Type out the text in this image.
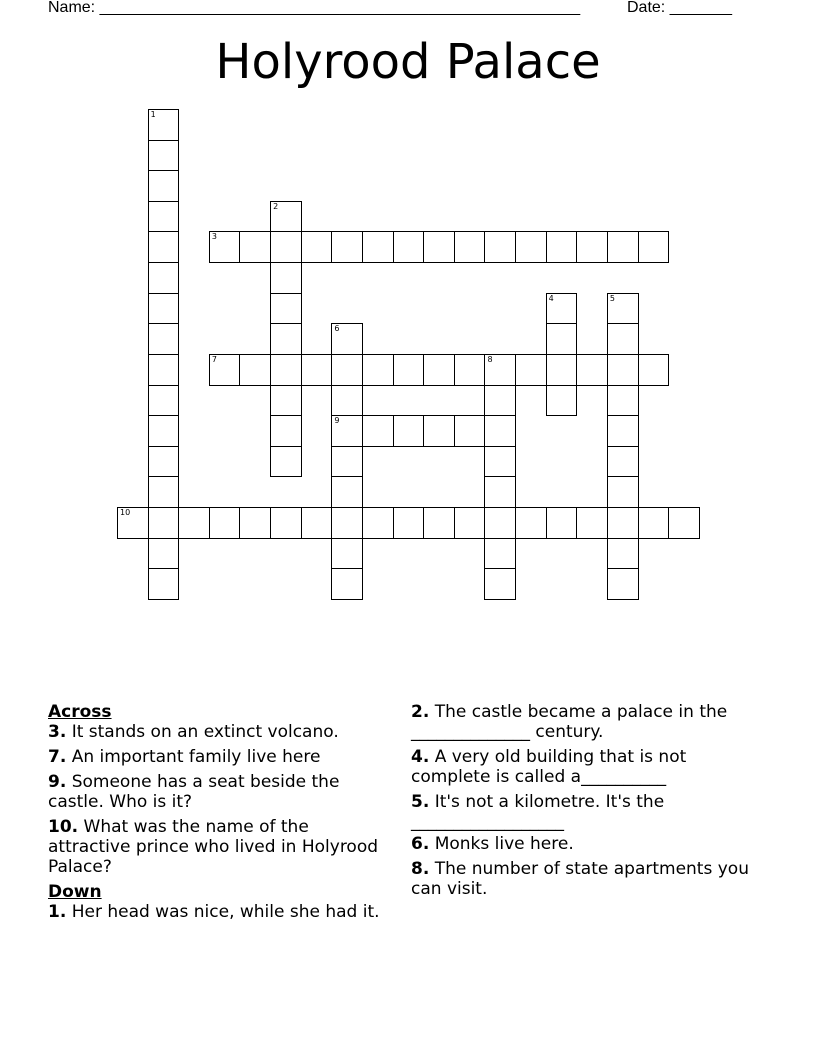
Name: ______________________________________________________	Date: _______
Holyrood Palace
1
2
3
4	5
6
9
7	8
10

Across

3. It stands on an extinct volcano.

7. An important family live here

9. Someone has a seat beside the castle. Who is it?

10. What was the name of the attractive prince who lived in Holyrood Palace?

Down

1. Her head was nice, while she had it.

2. The castle became a palace in the ______________ century.

4. A very old building that is not complete is called a__________

5. It's not a kilometre. It's the __________________

6. Monks live here.

8. The number of state apartments you can visit.
